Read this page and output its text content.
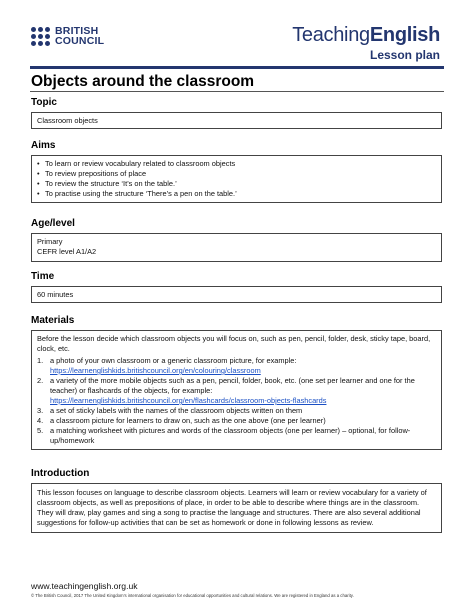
BRITISH
COUNCIL	TeachingEnglish
Lesson plan
Objects around the classroom
Topic
Classroom objects
Aims
• To learn or review vocabulary related to classroom objects
• To review prepositions of place
• To review the structure ‘It’s on the table.’
• To practise using the structure ‘There’s a pen on the table.’
Age/level
Primary
CEFR level A1/A2
Time
60 minutes
Materials
Before the lesson decide which classroom objects you will focus on, such as pen, pencil, folder, desk, sticky tape, board, clock, etc.
1. a photo of your own classroom or a generic classroom picture, for example:
https://learnenglishkids.britishcouncil.org/en/colouring/classroom
2. a variety of the more mobile objects such as a pen, pencil, folder, book, etc. (one set per learner and one for the teacher) or flashcards of the objects, for example:
https://learnenglishkids.britishcouncil.org/en/flashcards/classroom-objects-flashcards
3. a set of sticky labels with the names of the classroom objects written on them
4. a classroom picture for learners to draw on, such as the one above (one per learner)
5. a matching worksheet with pictures and words of the classroom objects (one per learner) – optional, for follow-up/homework
Introduction
This lesson focuses on language to describe classroom objects. Learners will learn or review vocabulary for a variety of classroom objects, as well as prepositions of place, in order to be able to describe where things are in the classroom. They will draw, play games and sing a song to practise the language and structures. There are also several additional suggestions for follow-up activities that can be set as homework or done in following lessons as review.
www.teachingenglish.org.uk
© The British Council, 2017 The United Kingdom’s international organisation for educational opportunities and cultural relations. We are registered in England as a charity.
